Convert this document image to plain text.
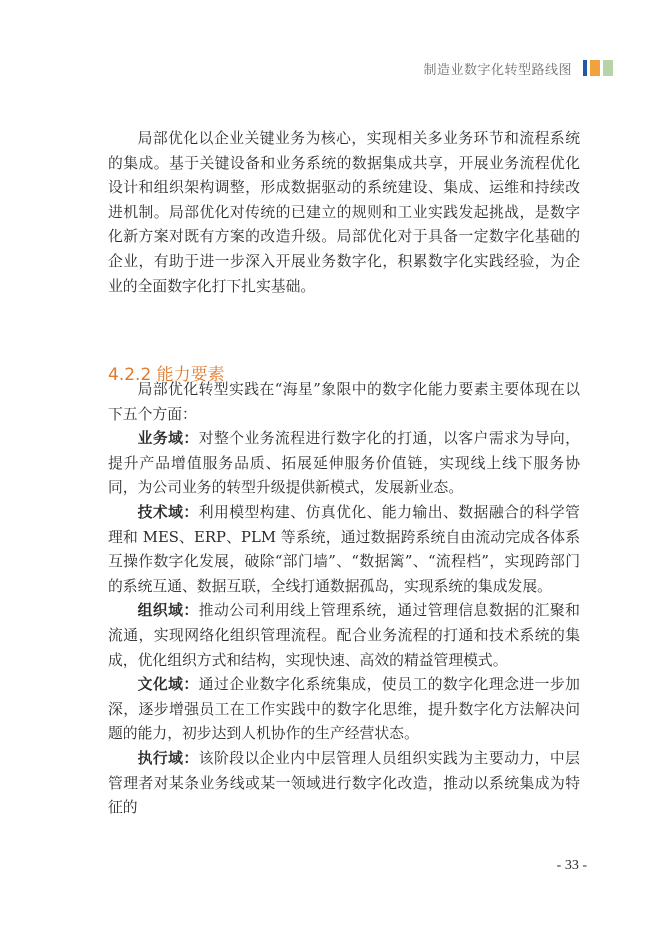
制造业数字化转型路线图

局部优化以企业关键业务为核心，实现相关多业务环节和流程系统的集成。基于关键设备和业务系统的数据集成共享，开展业务流程优化设计和组织架构调整，形成数据驱动的系统建设、集成、运维和持续改进机制。局部优化对传统的已建立的规则和工业实践发起挑战，是数字化新方案对既有方案的改造升级。局部优化对于具备一定数字化基础的企业，有助于进一步深入开展业务数字化，积累数字化实践经验，为企业的全面数字化打下扎实基础。

4.2.2 能力要素

局部优化转型实践在“海星”象限中的数字化能力要素主要体现在以下五个方面：

业务域：对整个业务流程进行数字化的打通，以客户需求为导向，提升产品增值服务品质、拓展延伸服务价值链，实现线上线下服务协同，为公司业务的转型升级提供新模式，发展新业态。

技术域：利用模型构建、仿真优化、能力输出、数据融合的科学管理和 MES、ERP、PLM 等系统，通过数据跨系统自由流动完成各体系互操作数字化发展，破除“部门墙”、“数据篱”、“流程档”，实现跨部门的系统互通、数据互联，全线打通数据孤岛，实现系统的集成发展。

组织域：推动公司利用线上管理系统，通过管理信息数据的汇聚和流通，实现网络化组织管理流程。配合业务流程的打通和技术系统的集成，优化组织方式和结构，实现快速、高效的精益管理模式。

文化域：通过企业数字化系统集成，使员工的数字化理念进一步加深，逐步增强员工在工作实践中的数字化思维，提升数字化方法解决问题的能力，初步达到人机协作的生产经营状态。

执行域：该阶段以企业内中层管理人员组织实践为主要动力，中层管理者对某条业务线或某一领域进行数字化改造，推动以系统集成为特征的

- 33 -
